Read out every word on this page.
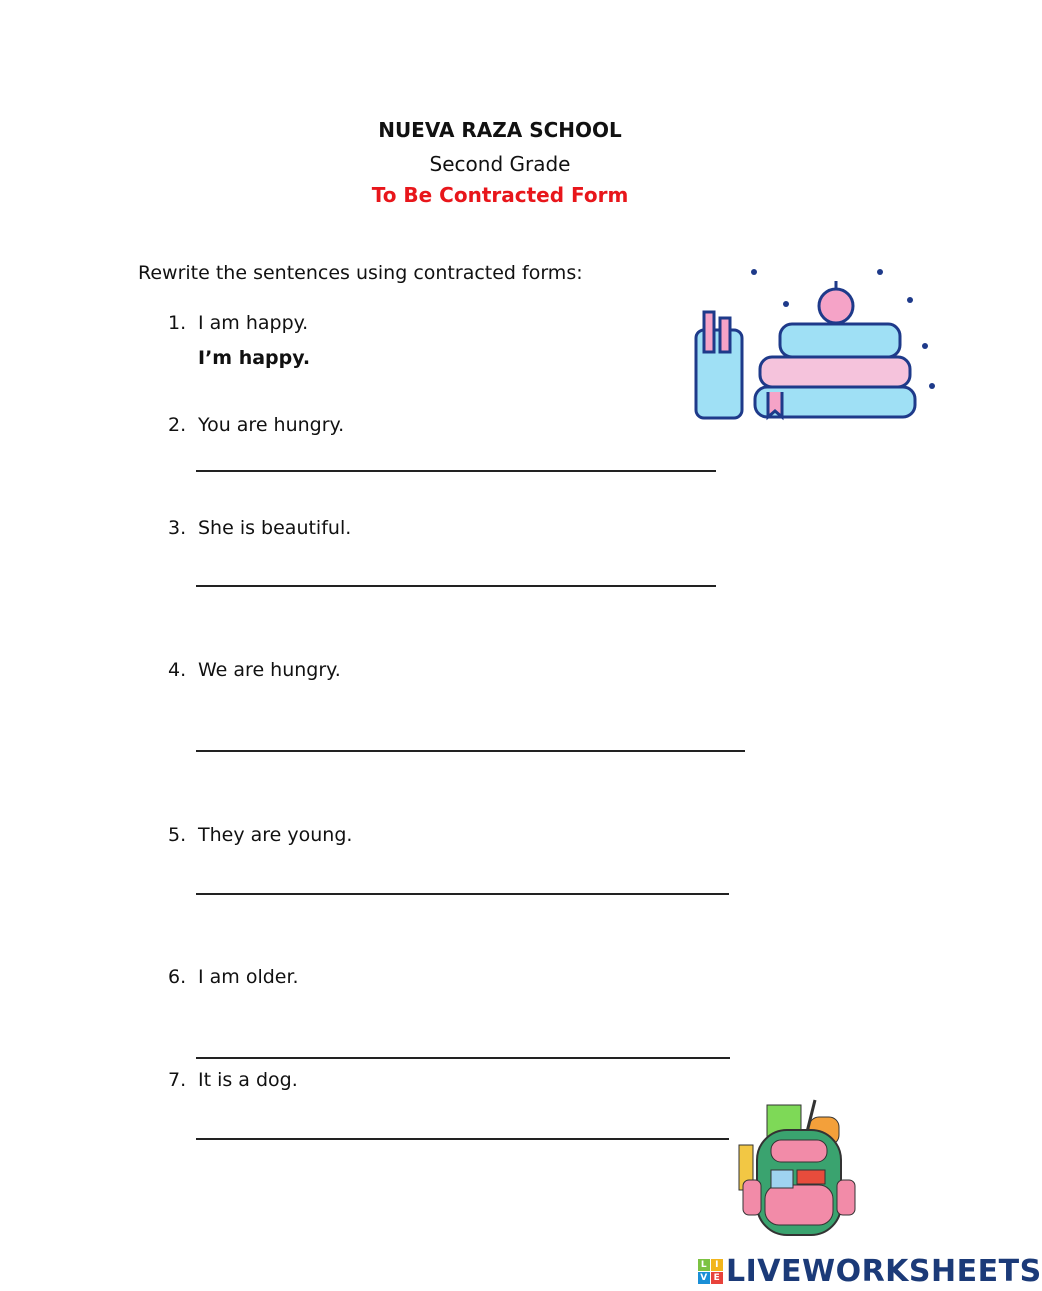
NUEVA RAZA SCHOOL
Second Grade
To Be Contracted Form
Rewrite the sentences using contracted forms:
1. I am happy.
I’m happy.
2. You are hungry.
3. She is beautiful.
4. We are hungry.
5. They are young.
6. I am older.
7. It is a dog.
L I
V E LIVEWORKSHEETS
